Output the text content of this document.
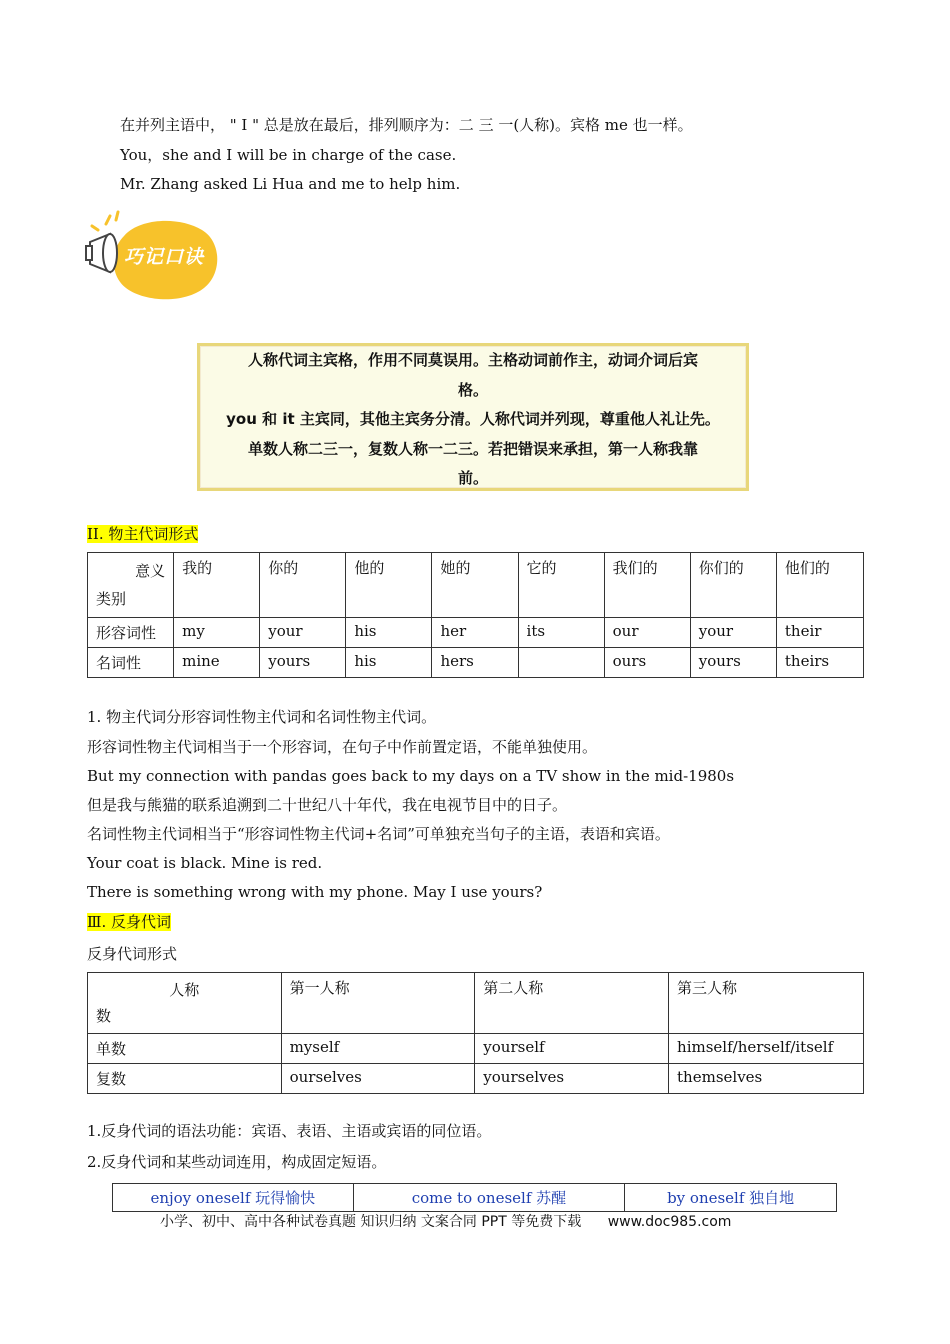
在并列主语中， " I " 总是放在最后，排列顺序为：二 三 一(人称)。宾格 me 也一样。
You，she and I will be in charge of the case.
Mr. Zhang asked Li Hua and me to help him.
巧记口诀
人称代词主宾格，作用不同莫误用。主格动词前作主，动词介词后宾
格。
you 和 it 主宾同，其他主宾务分清。人称代词并列现，尊重他人礼让先。
单数人称二三一，复数人称一二三。若把错误来承担，第一人称我靠
前。
II. 物主代词形式
意义
类别	我的	你的	他的	她的	它的	我们的	你们的	他们的
形容词性	my	your	his	her	its	our	your	their
名词性	mine	yours	his	hers		ours	yours	theirs
1. 物主代词分形容词性物主代词和名词性物主代词。
形容词性物主代词相当于一个形容词，在句子中作前置定语，不能单独使用。
But my connection with pandas goes back to my days on a TV show in the mid-1980s
但是我与熊猫的联系追溯到二十世纪八十年代，我在电视节目中的日子。
名词性物主代词相当于“形容词性物主代词+名词”可单独充当句子的主语，表语和宾语。
Your coat is black. Mine is red.
There is something wrong with my phone. May I use yours?
Ⅲ. 反身代词
反身代词形式
人称
数	第一人称	第二人称	第三人称
单数	myself	yourself	himself/herself/itself
复数	ourselves	yourselves	themselves
1.反身代词的语法功能：宾语、表语、主语或宾语的同位语。
2.反身代词和某些动词连用，构成固定短语。
enjoy oneself 玩得愉快	come to oneself 苏醒	by oneself 独自地
小学、初中、高中各种试卷真题 知识归纳 文案合同 PPT 等免费下载 www.doc985.com
